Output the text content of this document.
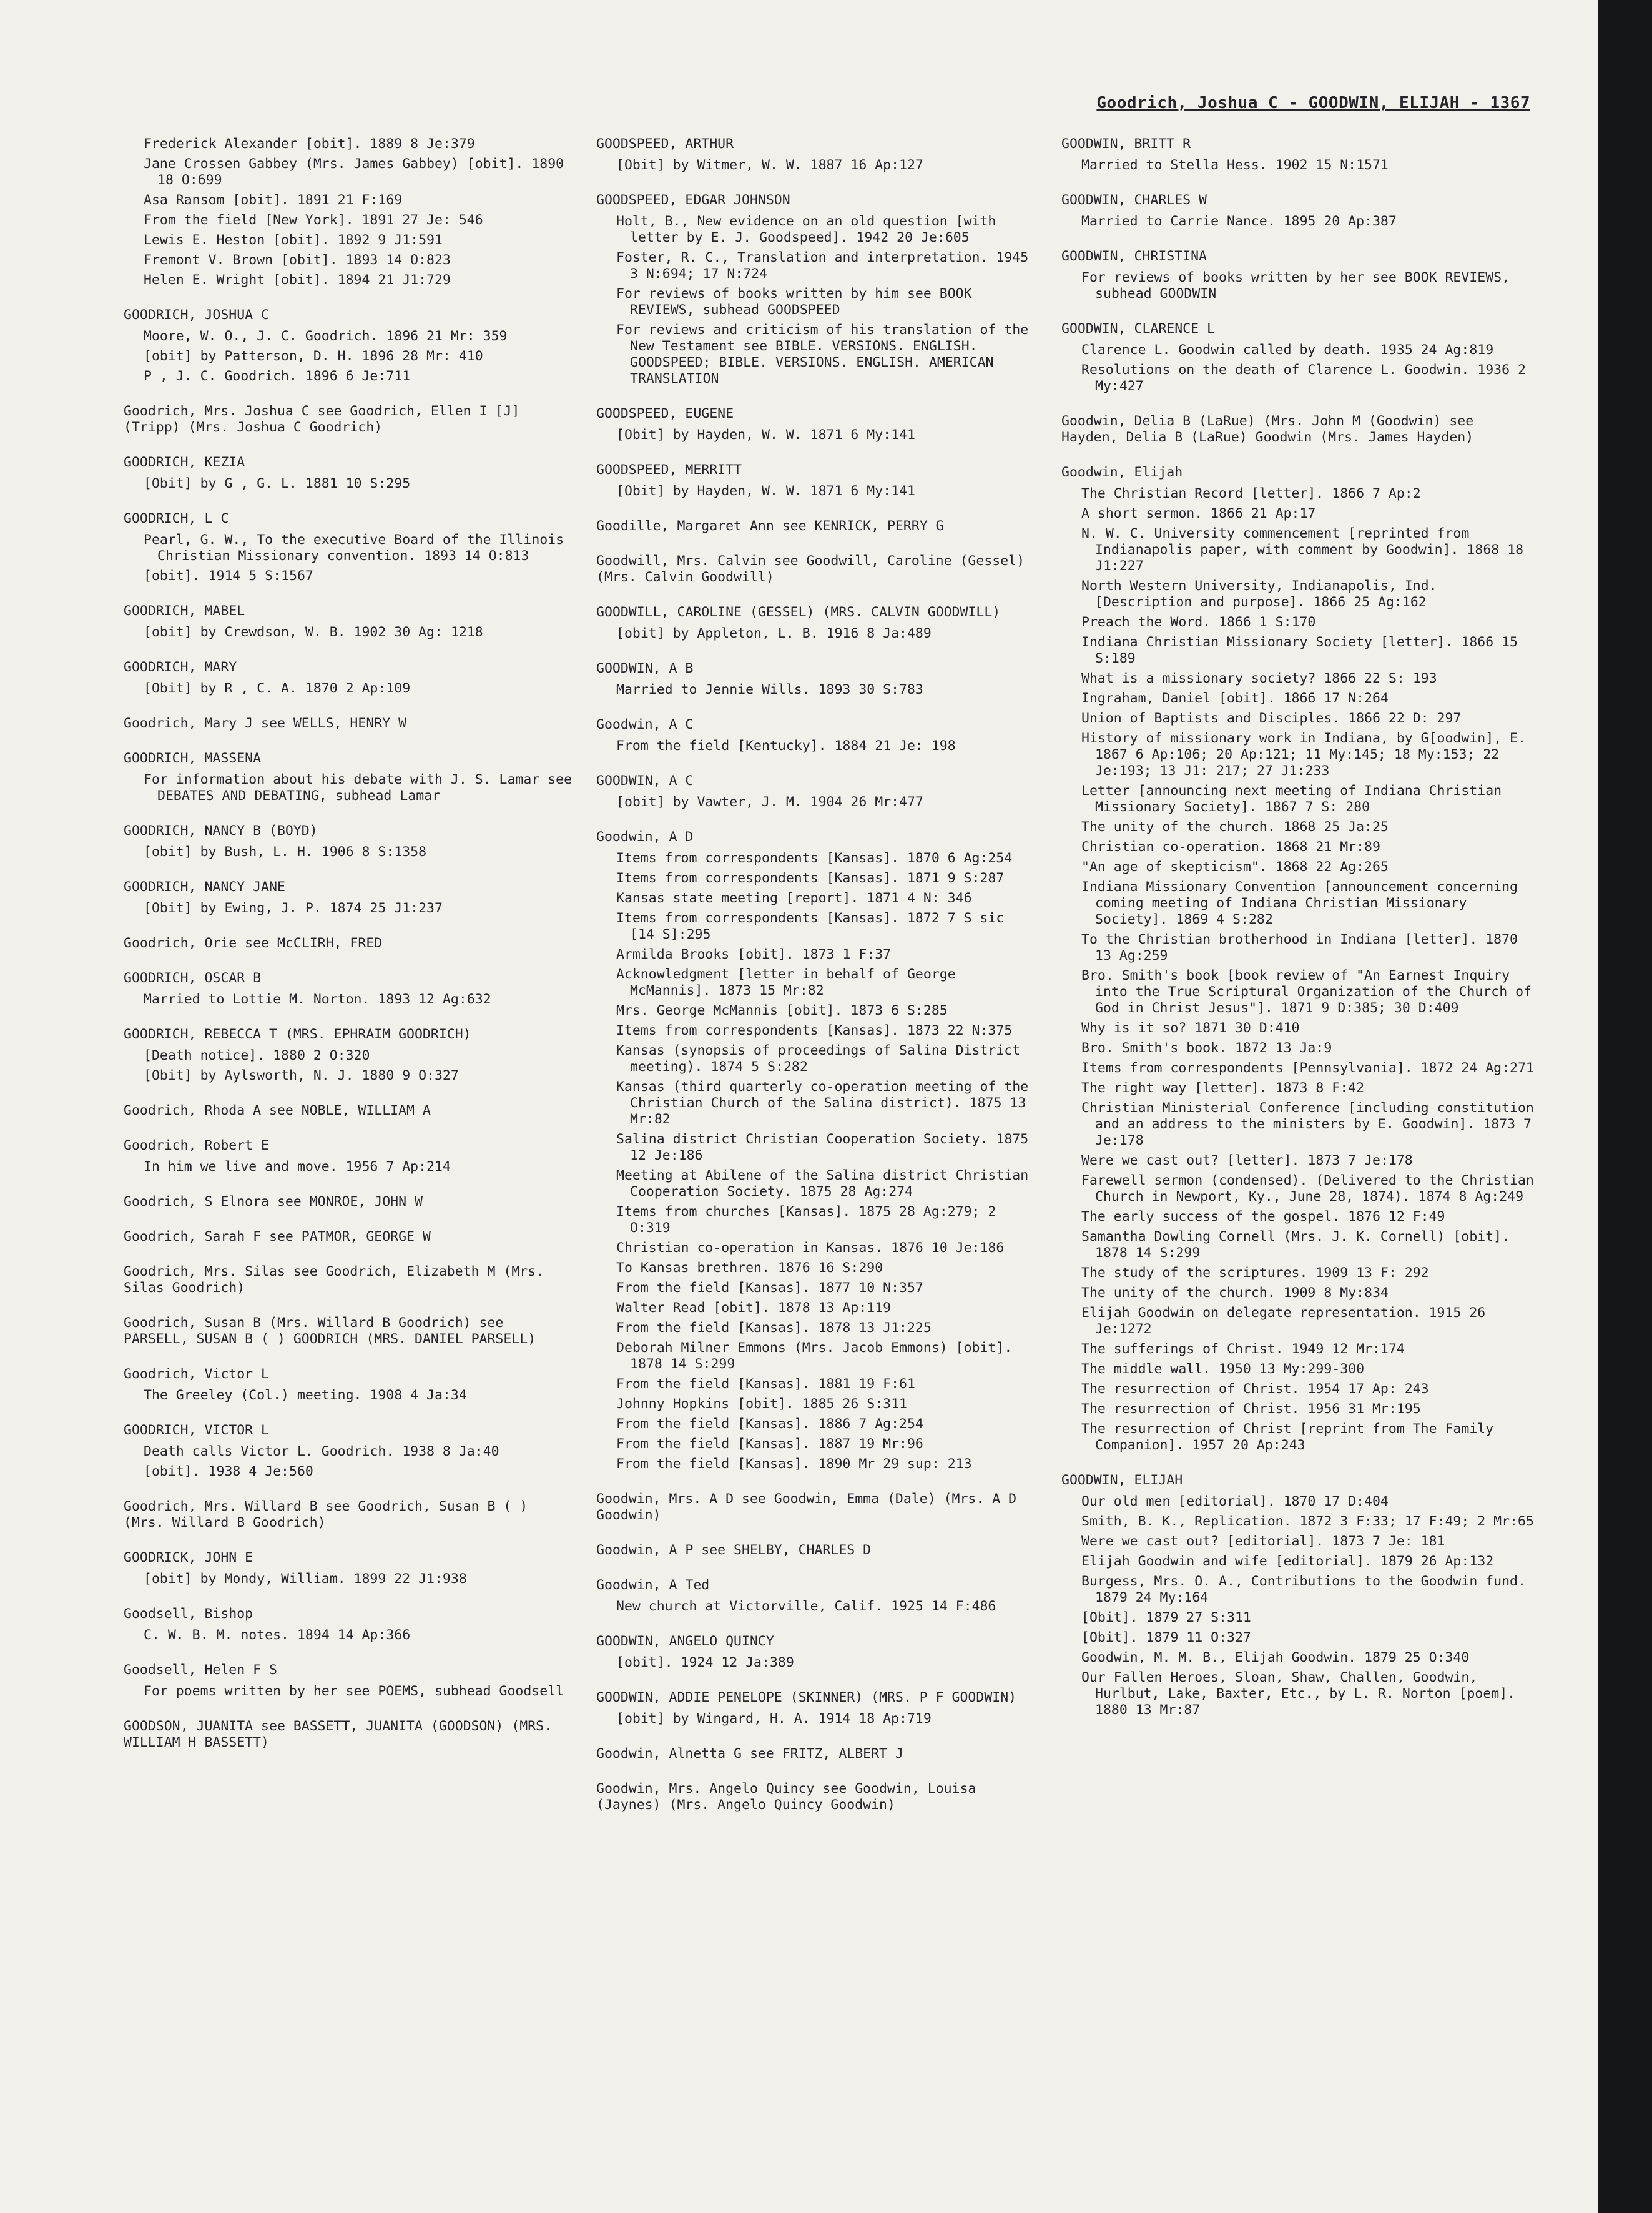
Goodrich, Joshua C - GOODWIN, ELIJAH - 1367
Frederick Alexander [obit]. 1889 8 Je:379
Jane Crossen Gabbey (Mrs. James Gabbey) [obit]. 1890 18 O:699
Asa Ransom [obit]. 1891 21 F:169
From the field [New York]. 1891 27 Je: 546
Lewis E. Heston [obit]. 1892 9 J1:591
Fremont V. Brown [obit]. 1893 14 O:823
Helen E. Wright [obit]. 1894 21 J1:729
GOODRICH, JOSHUA C
Moore, W. O., J. C. Goodrich. 1896 21 Mr: 359
[obit] by Patterson, D. H. 1896 28 Mr: 410
P , J. C. Goodrich. 1896 6 Je:711
Goodrich, Mrs. Joshua C see Goodrich, Ellen I [J] (Tripp) (Mrs. Joshua C Goodrich)
GOODRICH, KEZIA
[Obit] by G , G. L. 1881 10 S:295
GOODRICH, L C
Pearl, G. W., To the executive Board of the Illinois Christian Missionary convention. 1893 14 O:813
[obit]. 1914 5 S:1567
GOODRICH, MABEL
[obit] by Crewdson, W. B. 1902 30 Ag: 1218
GOODRICH, MARY
[Obit] by R , C. A. 1870 2 Ap:109
Goodrich, Mary J see WELLS, HENRY W
GOODRICH, MASSENA
For information about his debate with J. S. Lamar see DEBATES AND DEBATING, subhead Lamar
GOODRICH, NANCY B (BOYD)
[obit] by Bush, L. H. 1906 8 S:1358
GOODRICH, NANCY JANE
[Obit] by Ewing, J. P. 1874 25 J1:237
Goodrich, Orie see McCLIRH, FRED
GOODRICH, OSCAR B
Married to Lottie M. Norton. 1893 12 Ag:632
GOODRICH, REBECCA T (MRS. EPHRAIM GOODRICH)
[Death notice]. 1880 2 O:320
[Obit] by Aylsworth, N. J. 1880 9 O:327
Goodrich, Rhoda A see NOBLE, WILLIAM A
Goodrich, Robert E
In him we live and move. 1956 7 Ap:214
Goodrich, S Elnora see MONROE, JOHN W
Goodrich, Sarah F see PATMOR, GEORGE W
Goodrich, Mrs. Silas see Goodrich, Elizabeth M (Mrs. Silas Goodrich)
Goodrich, Susan B (Mrs. Willard B Goodrich) see PARSELL, SUSAN B ( ) GOODRICH (MRS. DANIEL PARSELL)
Goodrich, Victor L
The Greeley (Col.) meeting. 1908 4 Ja:34
GOODRICH, VICTOR L
Death calls Victor L. Goodrich. 1938 8 Ja:40
[obit]. 1938 4 Je:560
Goodrich, Mrs. Willard B see Goodrich, Susan B ( ) (Mrs. Willard B Goodrich)
GOODRICK, JOHN E
[obit] by Mondy, William. 1899 22 J1:938
Goodsell, Bishop
C. W. B. M. notes. 1894 14 Ap:366
Goodsell, Helen F S
For poems written by her see POEMS, subhead Goodsell
GOODSON, JUANITA see BASSETT, JUANITA (GOODSON) (MRS. WILLIAM H BASSETT)
GOODSPEED, ARTHUR
[Obit] by Witmer, W. W. 1887 16 Ap:127
GOODSPEED, EDGAR JOHNSON
Holt, B., New evidence on an old question [with letter by E. J. Goodspeed]. 1942 20 Je:605
Foster, R. C., Translation and interpretation. 1945 3 N:694; 17 N:724
For reviews of books written by him see BOOK REVIEWS, subhead GOODSPEED
For reviews and criticism of his translation of the New Testament see BIBLE. VERSIONS. ENGLISH. GOODSPEED; BIBLE. VERSIONS. ENGLISH. AMERICAN TRANSLATION
GOODSPEED, EUGENE
[Obit] by Hayden, W. W. 1871 6 My:141
GOODSPEED, MERRITT
[Obit] by Hayden, W. W. 1871 6 My:141
Goodille, Margaret Ann see KENRICK, PERRY G
Goodwill, Mrs. Calvin see Goodwill, Caroline (Gessel) (Mrs. Calvin Goodwill)
GOODWILL, CAROLINE (GESSEL) (MRS. CALVIN GOODWILL)
[obit] by Appleton, L. B. 1916 8 Ja:489
GOODWIN, A B
Married to Jennie Wills. 1893 30 S:783
Goodwin, A C
From the field [Kentucky]. 1884 21 Je: 198
GOODWIN, A C
[obit] by Vawter, J. M. 1904 26 Mr:477
Goodwin, A D
Items from correspondents [Kansas]. 1870 6 Ag:254
Items from correspondents [Kansas]. 1871 9 S:287
Kansas state meeting [report]. 1871 4 N: 346
Items from correspondents [Kansas]. 1872 7 S sic [14 S]:295
Armilda Brooks [obit]. 1873 1 F:37
Acknowledgment [letter in behalf of George McMannis]. 1873 15 Mr:82
Mrs. George McMannis [obit]. 1873 6 S:285
Items from correspondents [Kansas]. 1873 22 N:375
Kansas (synopsis of proceedings of Salina District meeting). 1874 5 S:282
Kansas (third quarterly co-operation meeting of the Christian Church of the Salina district). 1875 13 Mr:82
Salina district Christian Cooperation Society. 1875 12 Je:186
Meeting at Abilene of the Salina district Christian Cooperation Society. 1875 28 Ag:274
Items from churches [Kansas]. 1875 28 Ag:279; 2 O:319
Christian co-operation in Kansas. 1876 10 Je:186
To Kansas brethren. 1876 16 S:290
From the field [Kansas]. 1877 10 N:357
Walter Read [obit]. 1878 13 Ap:119
From the field [Kansas]. 1878 13 J1:225
Deborah Milner Emmons (Mrs. Jacob Emmons) [obit]. 1878 14 S:299
From the field [Kansas]. 1881 19 F:61
Johnny Hopkins [obit]. 1885 26 S:311
From the field [Kansas]. 1886 7 Ag:254
From the field [Kansas]. 1887 19 Mr:96
From the field [Kansas]. 1890 Mr 29 sup: 213
Goodwin, Mrs. A D see Goodwin, Emma (Dale) (Mrs. A D Goodwin)
Goodwin, A P see SHELBY, CHARLES D
Goodwin, A Ted
New church at Victorville, Calif. 1925 14 F:486
GOODWIN, ANGELO QUINCY
[obit]. 1924 12 Ja:389
GOODWIN, ADDIE PENELOPE (SKINNER) (MRS. P F GOODWIN)
[obit] by Wingard, H. A. 1914 18 Ap:719
Goodwin, Alnetta G see FRITZ, ALBERT J
Goodwin, Mrs. Angelo Quincy see Goodwin, Louisa (Jaynes) (Mrs. Angelo Quincy Goodwin)
GOODWIN, BRITT R
Married to Stella Hess. 1902 15 N:1571
GOODWIN, CHARLES W
Married to Carrie Nance. 1895 20 Ap:387
GOODWIN, CHRISTINA
For reviews of books written by her see BOOK REVIEWS, subhead GOODWIN
GOODWIN, CLARENCE L
Clarence L. Goodwin called by death. 1935 24 Ag:819
Resolutions on the death of Clarence L. Goodwin. 1936 2 My:427
Goodwin, Delia B (LaRue) (Mrs. John M (Goodwin) see Hayden, Delia B (LaRue) Goodwin (Mrs. James Hayden)
Goodwin, Elijah
The Christian Record [letter]. 1866 7 Ap:2
A short sermon. 1866 21 Ap:17
N. W. C. University commencement [reprinted from Indianapolis paper, with comment by Goodwin]. 1868 18 J1:227
North Western University, Indianapolis, Ind. [Description and purpose]. 1866 25 Ag:162
Preach the Word. 1866 1 S:170
Indiana Christian Missionary Society [letter]. 1866 15 S:189
What is a missionary society? 1866 22 S: 193
Ingraham, Daniel [obit]. 1866 17 N:264
Union of Baptists and Disciples. 1866 22 D: 297
History of missionary work in Indiana, by G[oodwin], E. 1867 6 Ap:106; 20 Ap:121; 11 My:145; 18 My:153; 22 Je:193; 13 J1: 217; 27 J1:233
Letter [announcing next meeting of Indiana Christian Missionary Society]. 1867 7 S: 280
The unity of the church. 1868 25 Ja:25
Christian co-operation. 1868 21 Mr:89
"An age of skepticism". 1868 22 Ag:265
Indiana Missionary Convention [announcement concerning coming meeting of Indiana Christian Missionary Society]. 1869 4 S:282
To the Christian brotherhood in Indiana [letter]. 1870 13 Ag:259
Bro. Smith's book [book review of "An Earnest Inquiry into the True Scriptural Organization of the Church of God in Christ Jesus"]. 1871 9 D:385; 30 D:409
Why is it so? 1871 30 D:410
Bro. Smith's book. 1872 13 Ja:9
Items from correspondents [Pennsylvania]. 1872 24 Ag:271
The right way [letter]. 1873 8 F:42
Christian Ministerial Conference [including constitution and an address to the ministers by E. Goodwin]. 1873 7 Je:178
Were we cast out? [letter]. 1873 7 Je:178
Farewell sermon (condensed). (Delivered to the Christian Church in Newport, Ky., June 28, 1874). 1874 8 Ag:249
The early success of the gospel. 1876 12 F:49
Samantha Dowling Cornell (Mrs. J. K. Cornell) [obit]. 1878 14 S:299
The study of the scriptures. 1909 13 F: 292
The unity of the church. 1909 8 My:834
Elijah Goodwin on delegate representation. 1915 26 Je:1272
The sufferings of Christ. 1949 12 Mr:174
The middle wall. 1950 13 My:299-300
The resurrection of Christ. 1954 17 Ap: 243
The resurrection of Christ. 1956 31 Mr:195
The resurrection of Christ [reprint from The Family Companion]. 1957 20 Ap:243
GOODWIN, ELIJAH
Our old men [editorial]. 1870 17 D:404
Smith, B. K., Replication. 1872 3 F:33; 17 F:49; 2 Mr:65
Were we cast out? [editorial]. 1873 7 Je: 181
Elijah Goodwin and wife [editorial]. 1879 26 Ap:132
Burgess, Mrs. O. A., Contributions to the Goodwin fund. 1879 24 My:164
[Obit]. 1879 27 S:311
[Obit]. 1879 11 O:327
Goodwin, M. M. B., Elijah Goodwin. 1879 25 O:340
Our Fallen Heroes, Sloan, Shaw, Challen, Goodwin, Hurlbut, Lake, Baxter, Etc., by L. R. Norton [poem]. 1880 13 Mr:87
